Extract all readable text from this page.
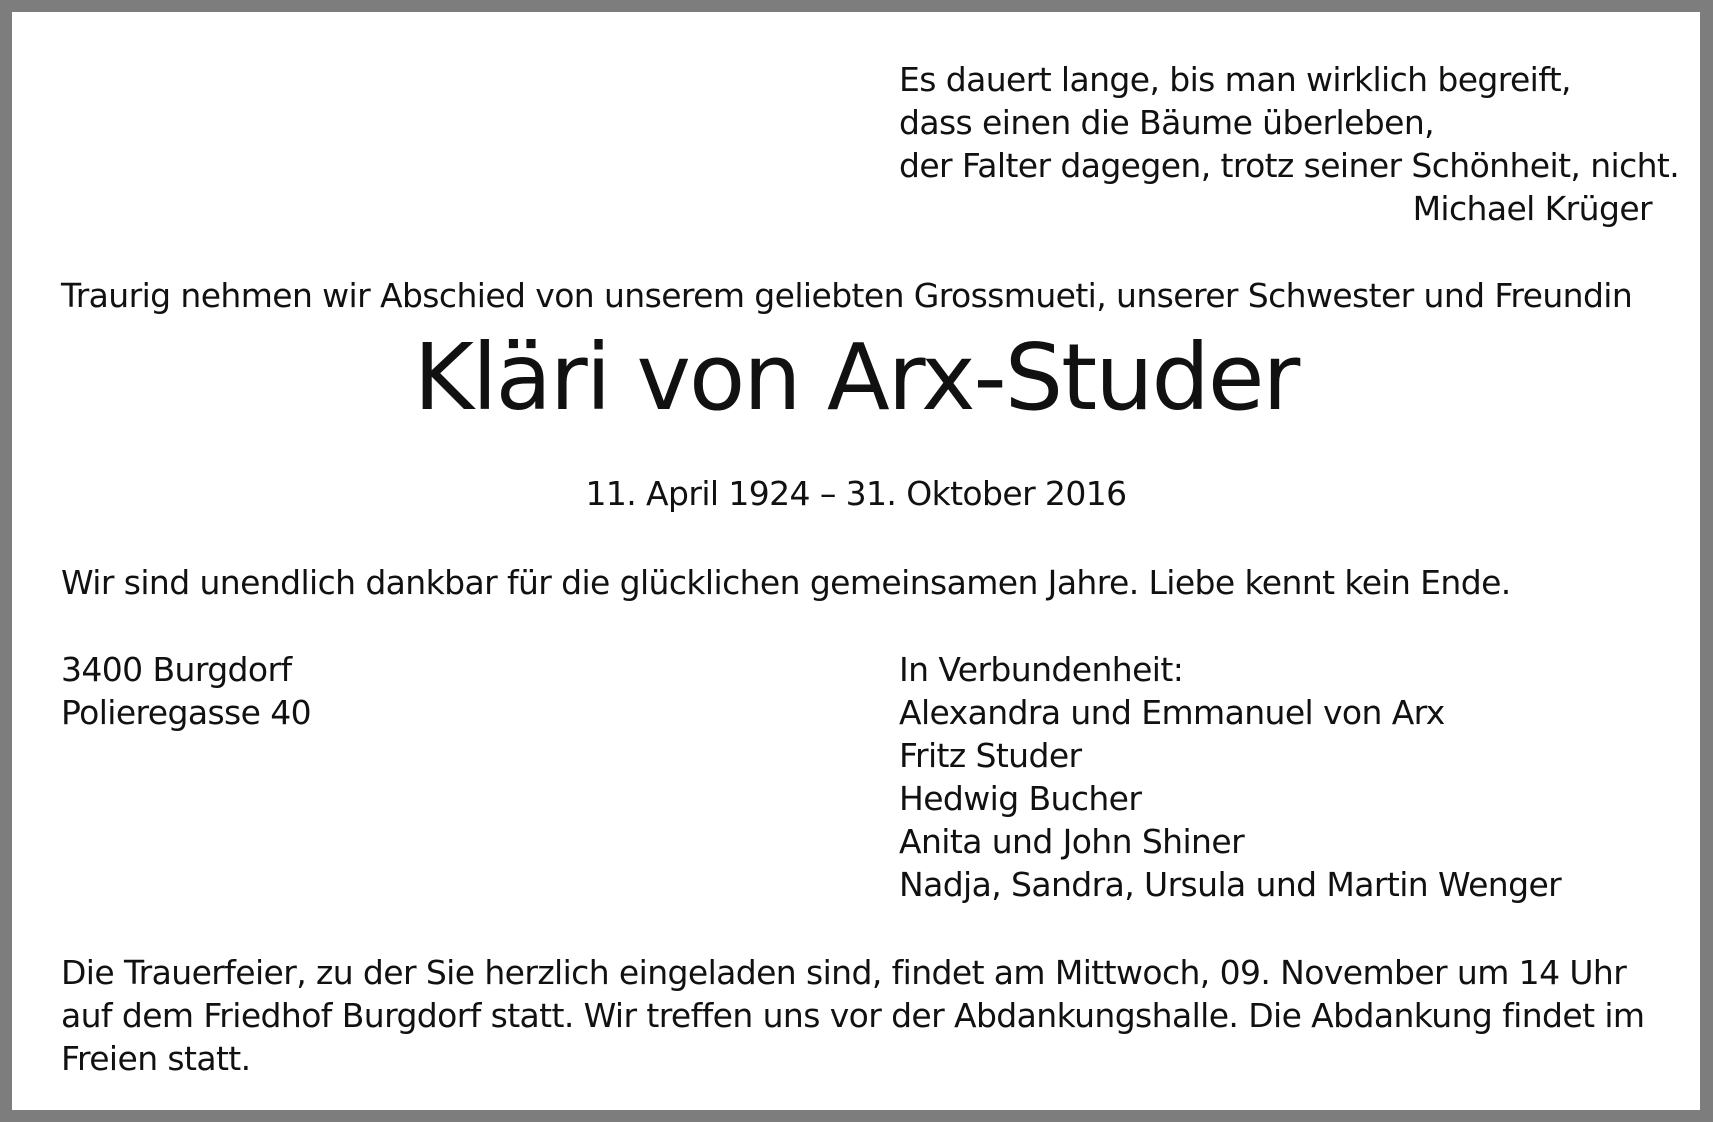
Es dauert lange, bis man wirklich begreift,
dass einen die Bäume überleben,
der Falter dagegen, trotz seiner Schönheit, nicht.
Michael Krüger
Traurig nehmen wir Abschied von unserem geliebten Grossmueti, unserer Schwester und Freundin
Kläri von Arx-Studer
11. April 1924 – 31. Oktober 2016
Wir sind unendlich dankbar für die glücklichen gemeinsamen Jahre. Liebe kennt kein Ende.
3400 Burgdorf
Polieregasse 40
In Verbundenheit:
Alexandra und Emmanuel von Arx
Fritz Studer
Hedwig Bucher
Anita und John Shiner
Nadja, Sandra, Ursula und Martin Wenger
Die Trauerfeier, zu der Sie herzlich eingeladen sind, findet am Mittwoch, 09. November um 14 Uhr
auf dem Friedhof Burgdorf statt. Wir treffen uns vor der Abdankungshalle. Die Abdankung findet im
Freien statt.
